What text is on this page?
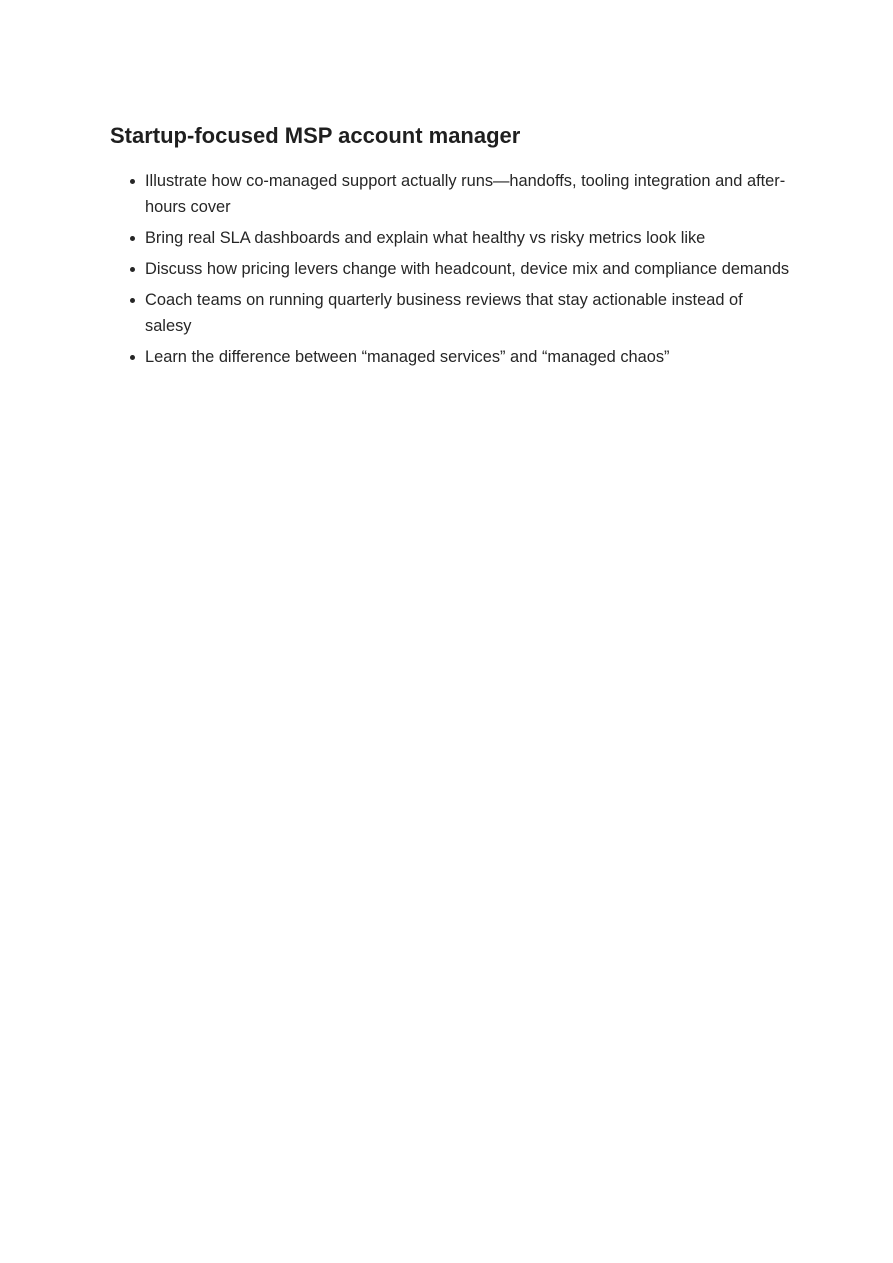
Startup-focused MSP account manager
Illustrate how co-managed support actually runs—handoffs, tooling integration and after-hours cover
Bring real SLA dashboards and explain what healthy vs risky metrics look like
Discuss how pricing levers change with headcount, device mix and compliance demands
Coach teams on running quarterly business reviews that stay actionable instead of salesy
Learn the difference between “managed services” and “managed chaos”
